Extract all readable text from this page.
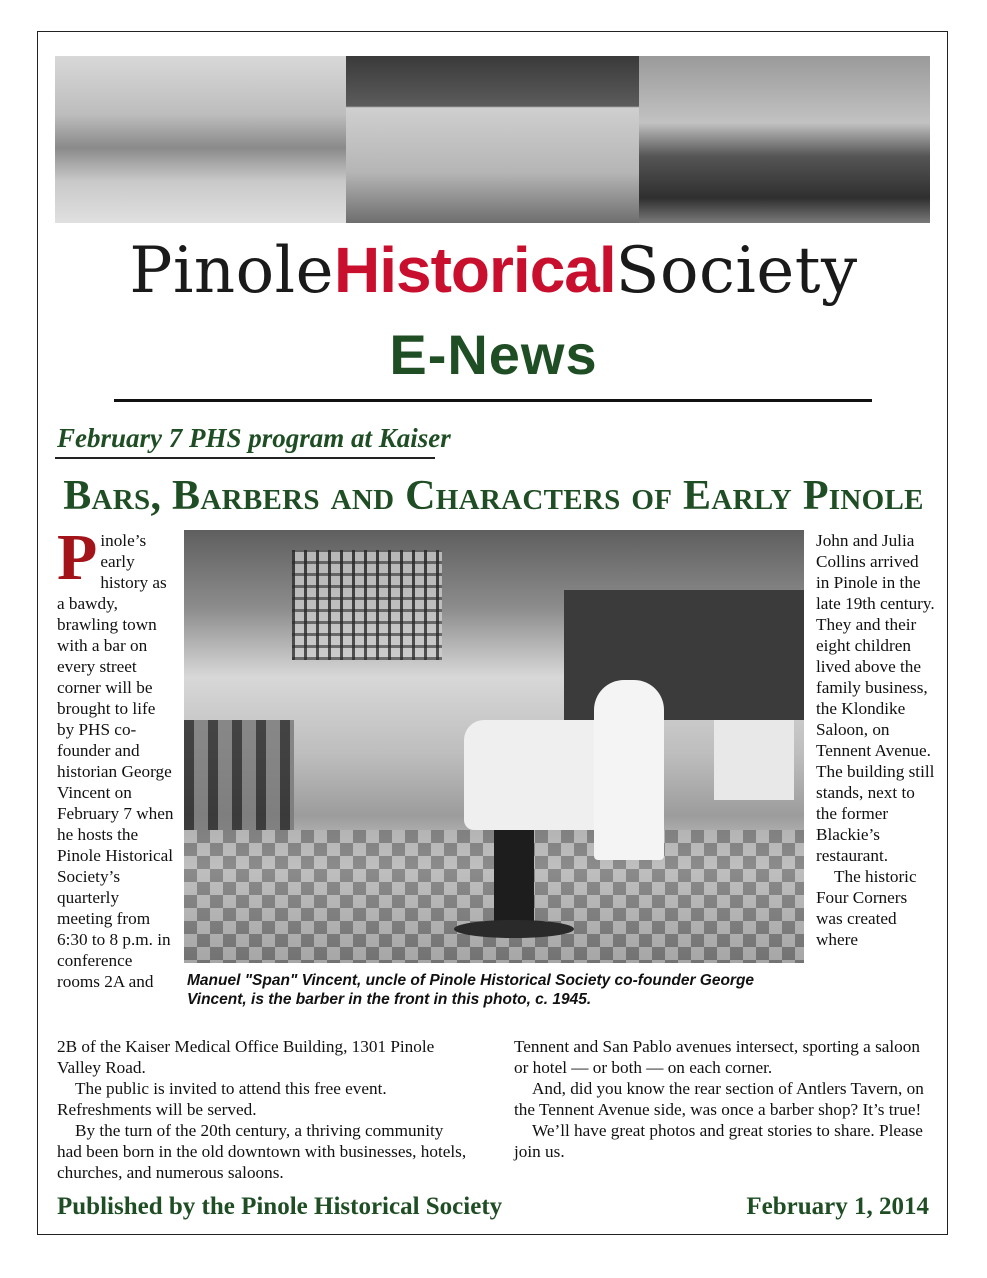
PinoleHistoricalSociety
E-News
February 7 PHS program at Kaiser
Bars, Barbers and Characters of Early Pinole
Pinole’s early history as a bawdy, brawling town with a bar on every street corner will be brought to life by PHS co-founder and historian George Vincent on February 7 when he hosts the Pinole Historical Society’s quarterly meeting from 6:30 to 8 p.m. in conference rooms 2A and	Manuel "Span" Vincent, uncle of Pinole Historical Society co-founder George Vincent, is the barber in the front in this photo, c. 1945.

John and Julia Collins arrived in Pinole in the late 19th century. They and their eight children lived above the family business, the Klondike Saloon, on Tennent Avenue. The building still stands, next to the former Blackie’s restaurant.

The historic Four Corners was created where

2B of the Kaiser Medical Office Building, 1301 Pinole Valley Road.

The public is invited to attend this free event. Refreshments will be served.

By the turn of the 20th century, a thriving community had been born in the old downtown with businesses, hotels, churches, and numerous saloons.

Tennent and San Pablo avenues intersect, sporting a saloon or hotel — or both — on each corner.

And, did you know the rear section of Antlers Tavern, on the Tennent Avenue side, was once a barber shop? It’s true!

We’ll have great photos and great stories to share. Please join us.

Published by the Pinole Historical Society	February 1, 2014
